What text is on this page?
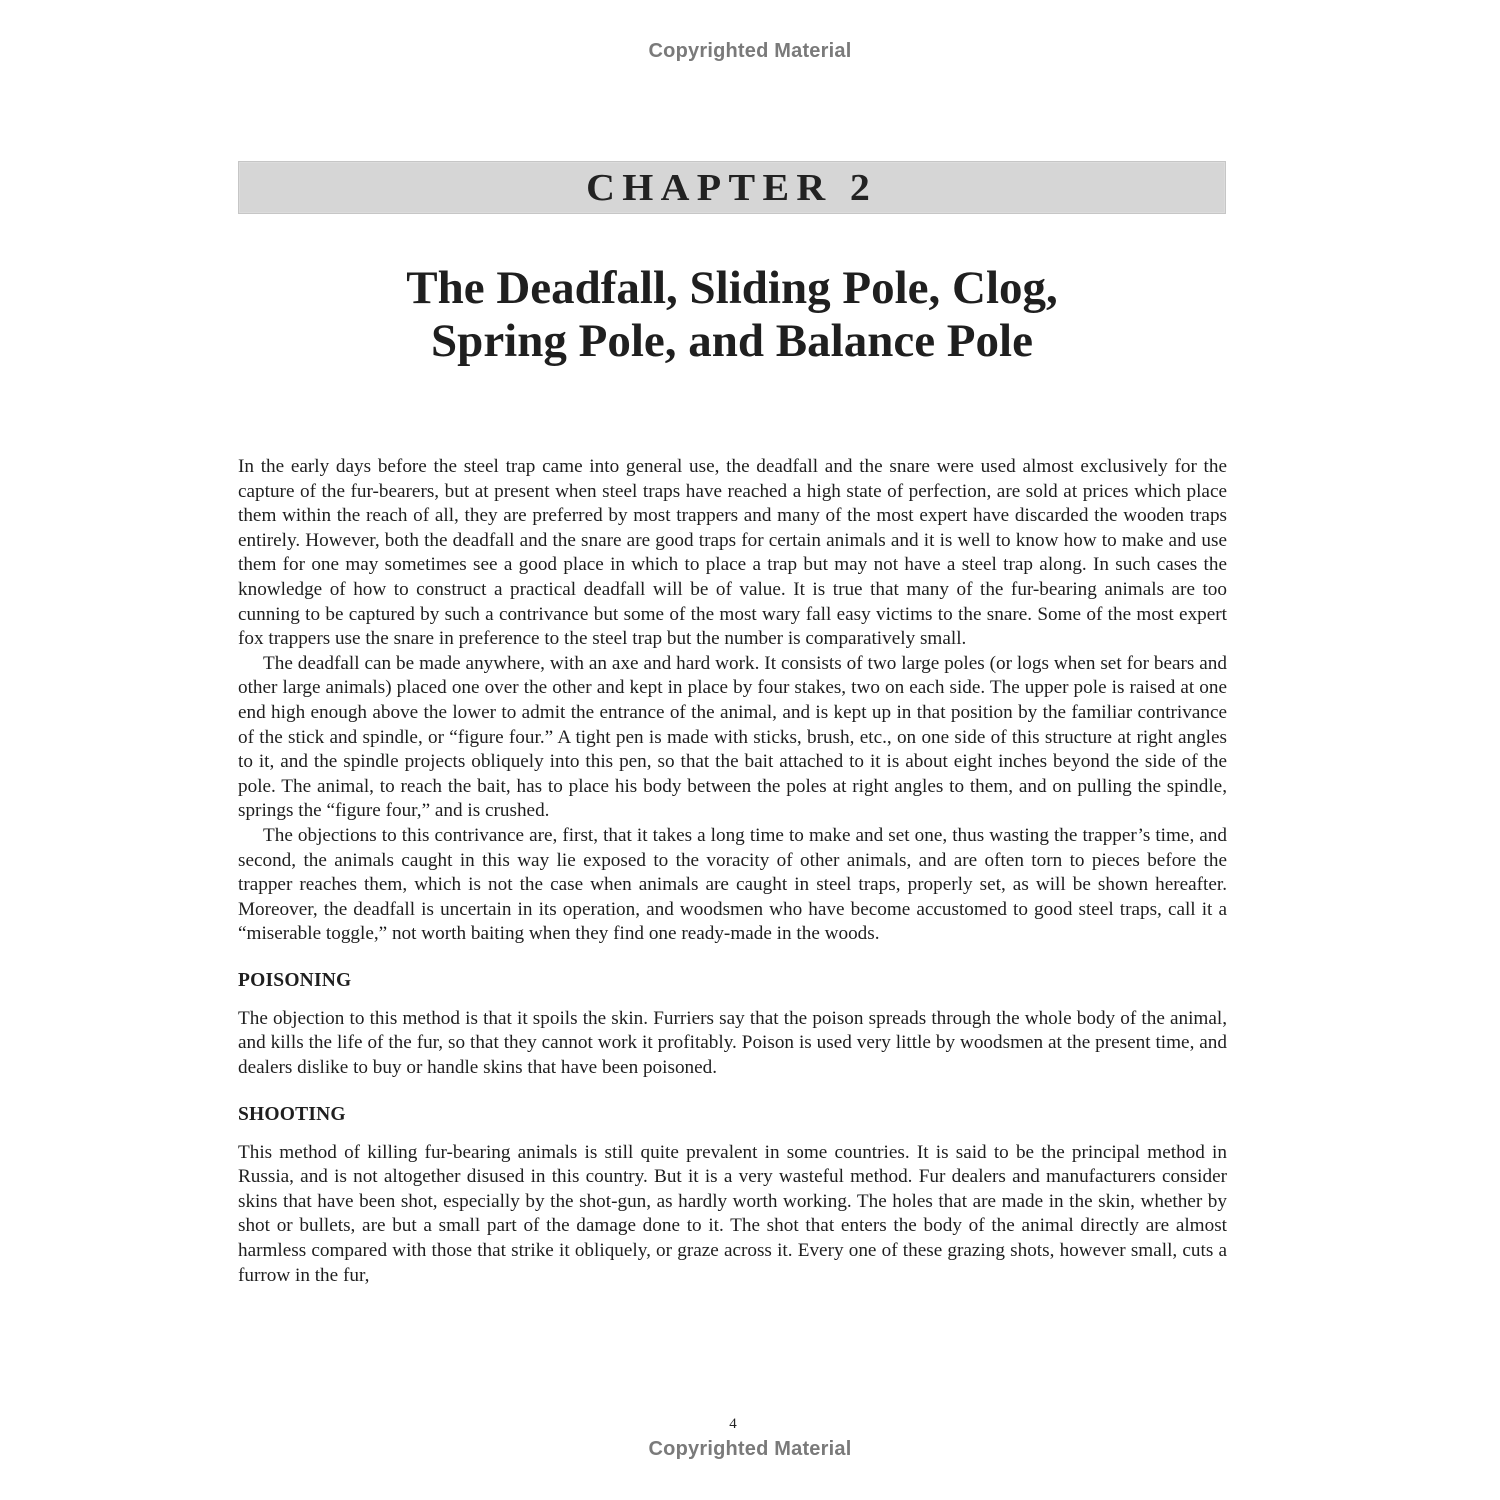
Copyrighted Material
CHAPTER 2
The Deadfall, Sliding Pole, Clog,
Spring Pole, and Balance Pole

In the early days before the steel trap came into general use, the deadfall and the snare were used almost exclusively for the capture of the fur-bearers, but at present when steel traps have reached a high state of perfection, are sold at prices which place them within the reach of all, they are preferred by most trappers and many of the most expert have discarded the wooden traps entirely. However, both the deadfall and the snare are good traps for certain animals and it is well to know how to make and use them for one may sometimes see a good place in which to place a trap but may not have a steel trap along. In such cases the knowledge of how to construct a practical deadfall will be of value. It is true that many of the fur-bearing animals are too cunning to be captured by such a contrivance but some of the most wary fall easy victims to the snare. Some of the most expert fox trappers use the snare in preference to the steel trap but the number is comparatively small.

The deadfall can be made anywhere, with an axe and hard work. It consists of two large poles (or logs when set for bears and other large animals) placed one over the other and kept in place by four stakes, two on each side. The upper pole is raised at one end high enough above the lower to admit the entrance of the animal, and is kept up in that position by the familiar contrivance of the stick and spindle, or “figure four.” A tight pen is made with sticks, brush, etc., on one side of this structure at right angles to it, and the spindle projects obliquely into this pen, so that the bait attached to it is about eight inches beyond the side of the pole. The animal, to reach the bait, has to place his body between the poles at right angles to them, and on pulling the spindle, springs the “figure four,” and is crushed.

The objections to this contrivance are, first, that it takes a long time to make and set one, thus wasting the trapper’s time, and second, the animals caught in this way lie exposed to the voracity of other animals, and are often torn to pieces before the trapper reaches them, which is not the case when animals are caught in steel traps, properly set, as will be shown hereafter. Moreover, the deadfall is uncertain in its operation, and woodsmen who have become accustomed to good steel traps, call it a “miserable toggle,” not worth baiting when they find one ready-made in the woods.

POISONING

The objection to this method is that it spoils the skin. Furriers say that the poison spreads through the whole body of the animal, and kills the life of the fur, so that they cannot work it profitably. Poison is used very little by woodsmen at the present time, and dealers dislike to buy or handle skins that have been poisoned.

SHOOTING

This method of killing fur-bearing animals is still quite prevalent in some countries. It is said to be the principal method in Russia, and is not altogether disused in this country. But it is a very wasteful method. Fur dealers and manufacturers consider skins that have been shot, especially by the shot-gun, as hardly worth working. The holes that are made in the skin, whether by shot or bullets, are but a small part of the damage done to it. The shot that enters the body of the animal directly are almost harmless compared with those that strike it obliquely, or graze across it. Every one of these grazing shots, however small, cuts a furrow in the fur,

4
Copyrighted Material
